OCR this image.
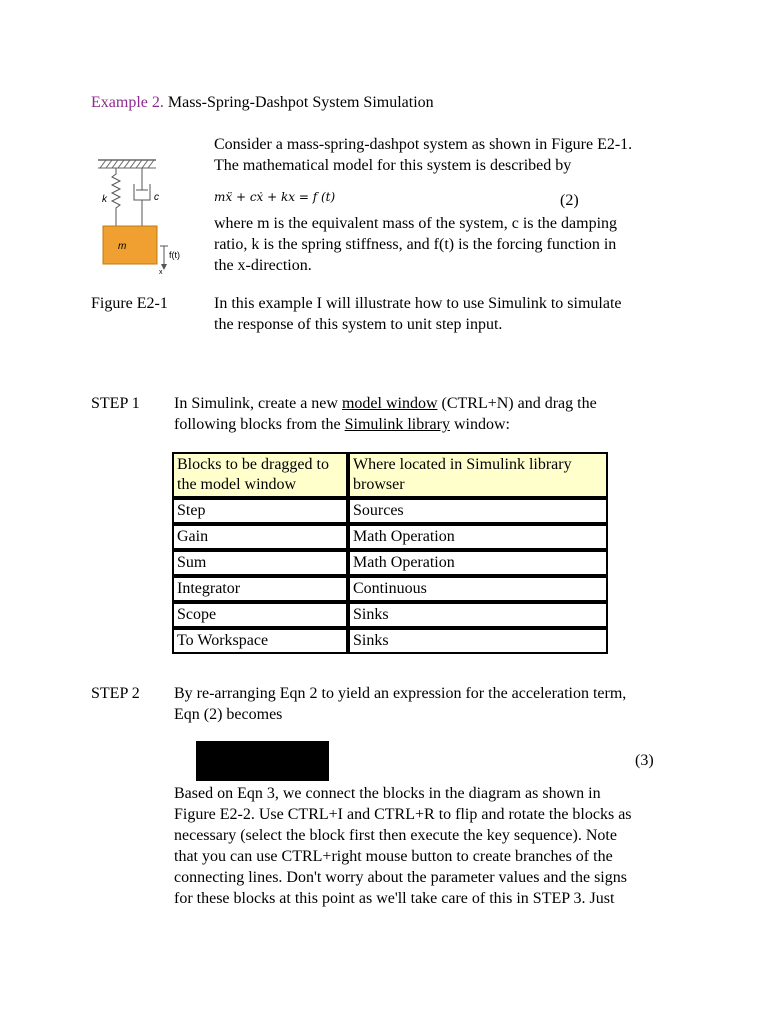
Example 2. Mass-Spring-Dashpot System Simulation
k	c
m
f(t)
x
Consider a mass-spring-dashpot system as shown in Figure E2-1.
The mathematical model for this system is described by
mẍ + cẋ + kx = f (t)	(2)
where m is the equivalent mass of the system, c is the damping
ratio, k is the spring stiffness, and f(t) is the forcing function in
the x-direction.
Figure E2-1	In this example I will illustrate how to use Simulink to simulate
the response of this system to unit step input.
STEP 1 In Simulink, create a new model window (CTRL+N) and drag the
following blocks from the Simulink library window:
Blocks to be dragged to the model window	Where located in Simulink library browser
Step	Sources
Gain	Math Operation
Sum	Math Operation
Integrator	Continuous
Scope	Sinks
To Workspace	Sinks
STEP 2 By re-arranging Eqn 2 to yield an expression for the acceleration term,
Eqn (2) becomes
(3)
Based on Eqn 3, we connect the blocks in the diagram as shown in
Figure E2-2. Use CTRL+I and CTRL+R to flip and rotate the blocks as
necessary (select the block first then execute the key sequence). Note
that you can use CTRL+right mouse button to create branches of the
connecting lines. Don't worry about the parameter values and the signs
for these blocks at this point as we'll take care of this in STEP 3. Just
